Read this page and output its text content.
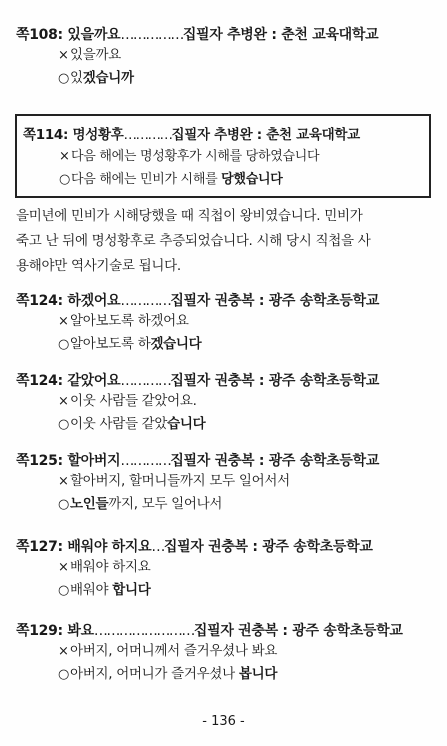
쪽108: 있을까요……………집필자 추병완 : 춘천 교육대학교
×있을까요
○있겠습니까
쪽114: 명성황후…………집필자 추병완 : 춘천 교육대학교
×다음 해에는 명성황후가 시해를 당하였습니다
○다음 해에는 민비가 시해를 당했습니다
을미년에 민비가 시해당했을 때 직첩이 왕비였습니다. 민비가
죽고 난 뒤에 명성황후로 추증되었습니다. 시해 당시 직첩을 사
용해야만 역사기술로 됩니다.
쪽124: 하겠어요…………집필자 권충복 : 광주 송학초등학교
×알아보도록 하겠어요
○알아보도록 하겠습니다
쪽124: 같았어요…………집필자 권충복 : 광주 송학초등학교
×이웃 사람들 같았어요.
○이웃 사람들 같았습니다
쪽125: 할아버지…………집필자 권충복 : 광주 송학초등학교
×할아버지, 할머니들까지 모두 일어서서
○노인들까지, 모두 일어나서
쪽127: 배워야 하지요…집필자 권충복 : 광주 송학초등학교
×배워야 하지요
○배워야 합니다
쪽129: 봐요……………………집필자 권충복 : 광주 송학초등학교
×아버지, 어머니께서 즐거우셨나 봐요
○아버지, 어머니가 즐거우셨나 봅니다
- 136 -
